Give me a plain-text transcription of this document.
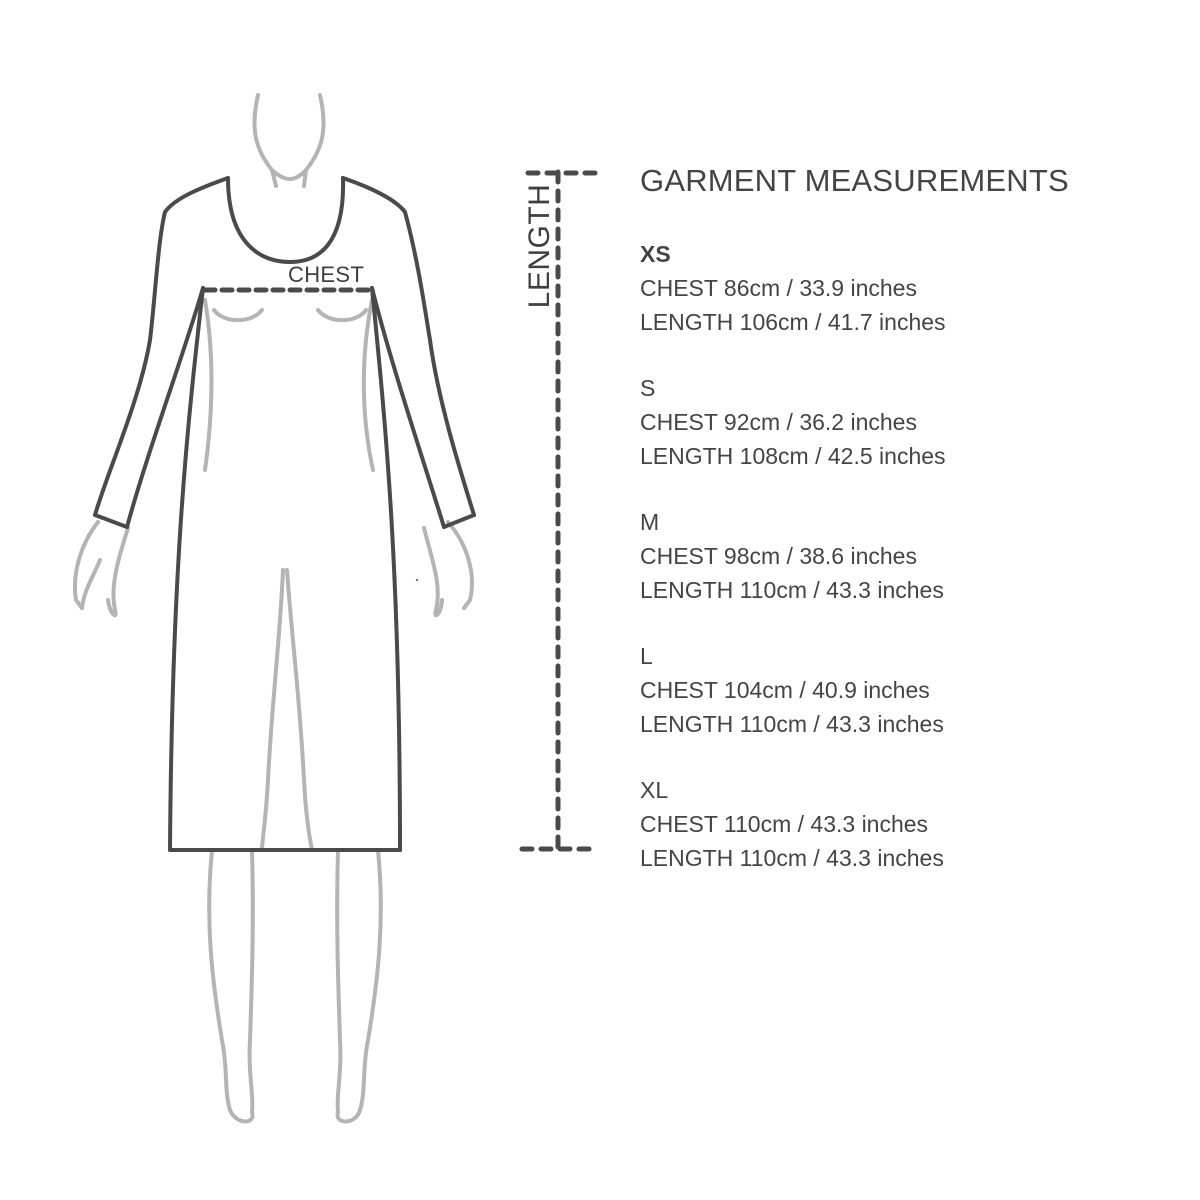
CHEST	LENGTH
GARMENT MEASUREMENTS
XS
CHEST 86cm / 33.9 inches
LENGTH 106cm / 41.7 inches
S
CHEST 92cm / 36.2 inches
LENGTH 108cm / 42.5 inches
M
CHEST 98cm / 38.6 inches
LENGTH 110cm / 43.3 inches
L
CHEST 104cm / 40.9 inches
LENGTH 110cm / 43.3 inches
XL
CHEST 110cm / 43.3 inches
LENGTH 110cm / 43.3 inches
